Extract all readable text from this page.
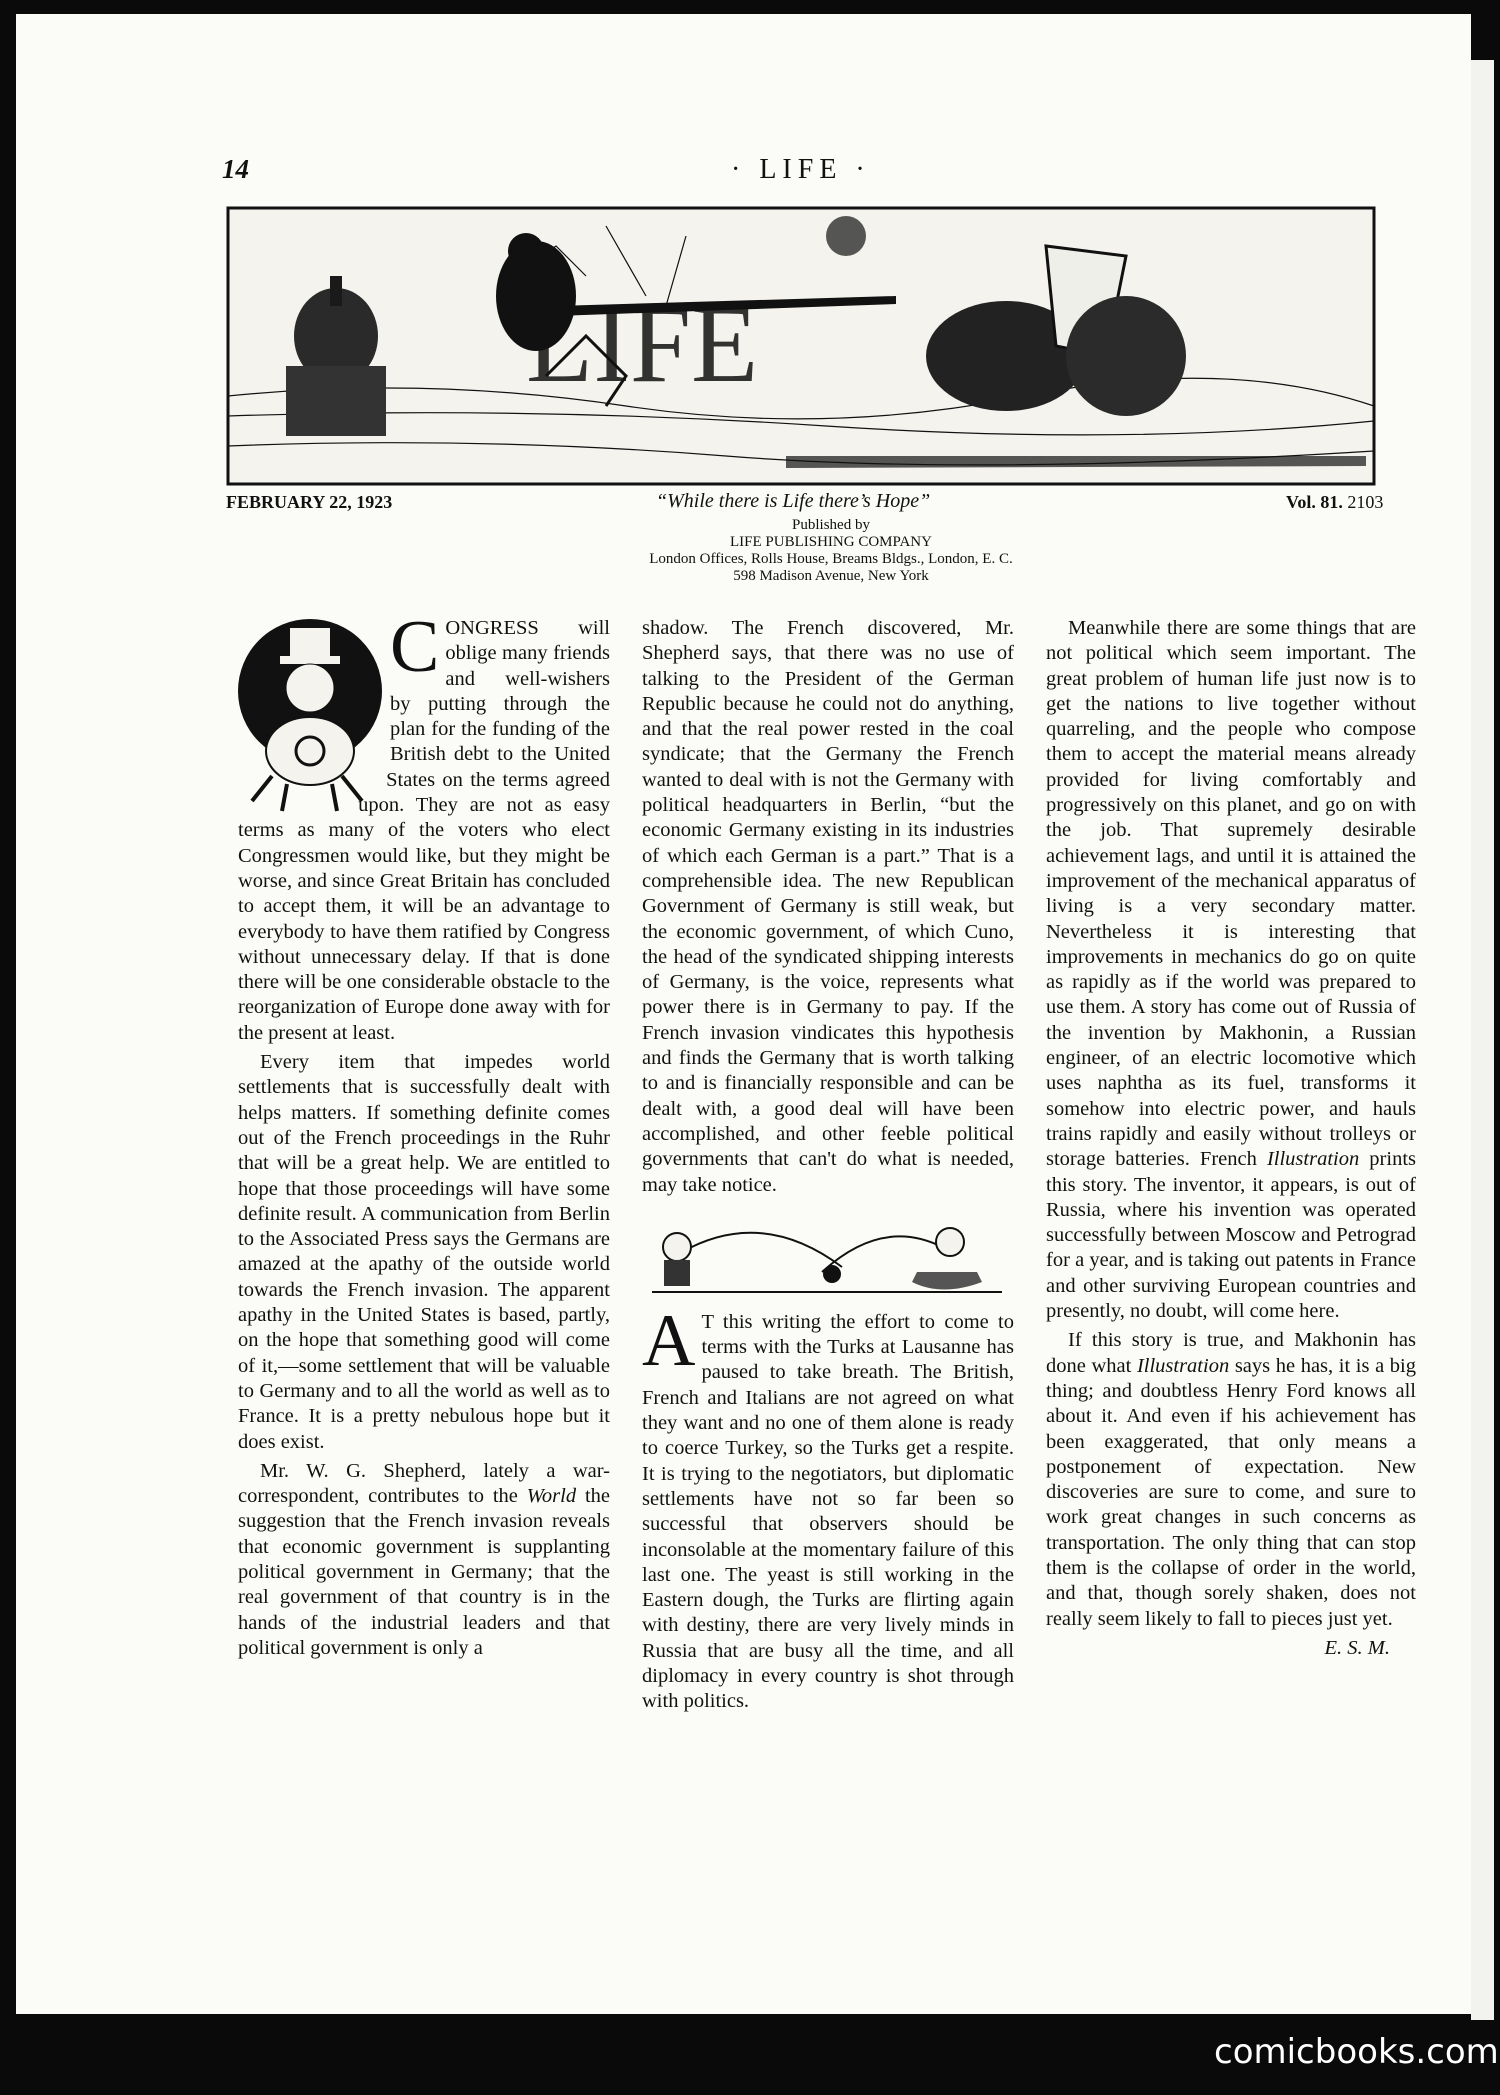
14	· LIFE ·
LIFE
FEBRUARY 22, 1923	“While there is Life there’s Hope”	Vol. 81. 2103
Published by
LIFE PUBLISHING COMPANY
London Offices, Rolls House, Breams Bldgs., London, E. C.
598 Madison Avenue, New York

CONGRESS will oblige many friends and well-wishers by putting through the plan for the funding of the British debt to the United States on the terms agreed upon. They are not as easy terms as many of the voters who elect Congressmen would like, but they might be worse, and since Great Britain has concluded to accept them, it will be an advantage to everybody to have them ratified by Congress without unnecessary delay. If that is done there will be one considerable obstacle to the reorganization of Europe done away with for the present at least.

Every item that impedes world settlements that is successfully dealt with helps matters. If something definite comes out of the French proceedings in the Ruhr that will be a great help. We are entitled to hope that those proceedings will have some definite result. A communication from Berlin to the Associated Press says the Germans are amazed at the apathy of the outside world towards the French invasion. The apparent apathy in the United States is based, partly, on the hope that something good will come of it,—some settlement that will be valuable to Germany and to all the world as well as to France. It is a pretty nebulous hope but it does exist.

Mr. W. G. Shepherd, lately a war-correspondent, contributes to the World the suggestion that the French invasion reveals that economic government is supplanting political government in Germany; that the real government of that country is in the hands of the industrial leaders and that political government is only a

shadow. The French discovered, Mr. Shepherd says, that there was no use of talking to the President of the German Republic because he could not do anything, and that the real power rested in the coal syndicate; that the Germany the French wanted to deal with is not the Germany with political headquarters in Berlin, “but the economic Germany existing in its industries of which each German is a part.” That is a comprehensible idea. The new Republican Government of Germany is still weak, but the economic government, of which Cuno, the head of the syndicated shipping interests of Germany, is the voice, represents what power there is in Germany to pay. If the French invasion vindicates this hypothesis and finds the Germany that is worth talking to and is financially responsible and can be dealt with, a good deal will have been accomplished, and other feeble political governments that can't do what is needed, may take notice.

A T this writing the effort to come to terms with the Turks at Lausanne has paused to take breath. The British, French and Italians are not agreed on what they want and no one of them alone is ready to coerce Turkey, so the Turks get a respite. It is trying to the negotiators, but diplomatic settlements have not so far been so successful that observers should be inconsolable at the momentary failure of this last one. The yeast is still working in the Eastern dough, the Turks are flirting again with destiny, there are very lively minds in Russia that are busy all the time, and all diplomacy in every country is shot through with politics.

Meanwhile there are some things that are not political which seem important. The great problem of human life just now is to get the nations to live together without quarreling, and the people who compose them to accept the material means already provided for living comfortably and progressively on this planet, and go on with the job. That supremely desirable achievement lags, and until it is attained the improvement of the mechanical apparatus of living is a very secondary matter. Nevertheless it is interesting that improvements in mechanics do go on quite as rapidly as if the world was prepared to use them. A story has come out of Russia of the invention by Makhonin, a Russian engineer, of an electric locomotive which uses naphtha as its fuel, transforms it somehow into electric power, and hauls trains rapidly and easily without trolleys or storage batteries. French Illustration prints this story. The inventor, it appears, is out of Russia, where his invention was operated successfully between Moscow and Petrograd for a year, and is taking out patents in France and other surviving European countries and presently, no doubt, will come here.

If this story is true, and Makhonin has done what Illustration says he has, it is a big thing; and doubtless Henry Ford knows all about it. And even if his achievement has been exaggerated, that only means a postponement of expectation. New discoveries are sure to come, and sure to work great changes in such concerns as transportation. The only thing that can stop them is the collapse of order in the world, and that, though sorely shaken, does not really seem likely to fall to pieces just yet.

E. S. M.
comicbooks.com
